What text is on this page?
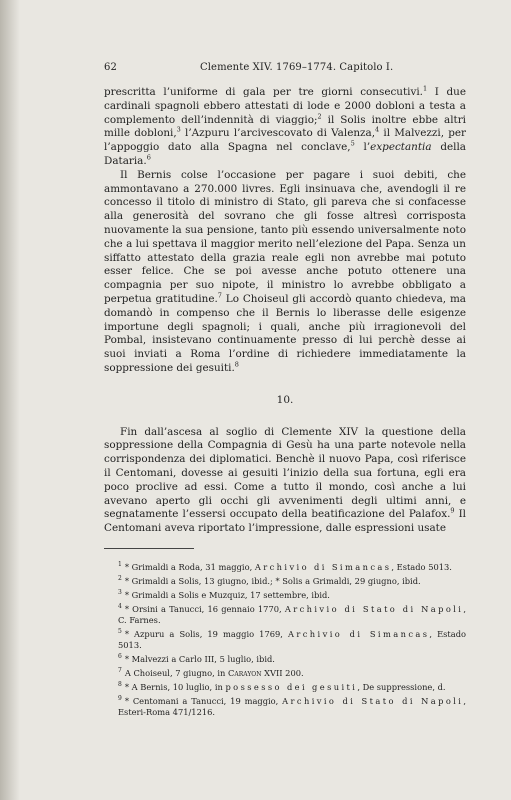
62	Clemente XIV. 1769–1774. Capitolo I.

prescritta l’uniforme di gala per tre giorni consecutivi.$^1$ I due cardinali spagnoli ebbero attestati di lode e 2000 dobloni a testa a complemento dell’indennità di viaggio;$^2$ il Solis inoltre ebbe altri mille dobloni,$^3$ l’Azpuru l’arcivescovato di Valenza,$^4$ il Malvezzi, per l’appoggio dato alla Spagna nel conclave,$^5$ l’expectantia della Dataria.$^6$

Il Bernis colse l’occasione per pagare i suoi debiti, che ammontavano a 270.000 livres. Egli insinuava che, avendogli il re concesso il titolo di ministro di Stato, gli pareva che si confacesse alla generosità del sovrano che gli fosse altresì corrisposta nuovamente la sua pensione, tanto più essendo universalmente noto che a lui spettava il maggior merito nell’elezione del Papa. Senza un siffatto attestato della grazia reale egli non avrebbe mai potuto esser felice. Che se poi avesse anche potuto ottenere una compagnia per suo nipote, il ministro lo avrebbe obbligato a perpetua gratitudine.$^7$ Lo Choiseul gli accordò quanto chiedeva, ma domandò in compenso che il Bernis lo liberasse delle esigenze importune degli spagnoli; i quali, anche più irragionevoli del Pombal, insistevano continuamente presso di lui perchè desse ai suoi inviati a Roma l’ordine di richiedere immediatamente la soppressione dei gesuiti.$^8$

10.

Fin dall’ascesa al soglio di Clemente XIV la questione della soppressione della Compagnia di Gesù ha una parte notevole nella corrispondenza dei diplomatici. Benchè il nuovo Papa, così riferisce il Centomani, dovesse ai gesuiti l’inizio della sua fortuna, egli era poco proclive ad essi. Come a tutto il mondo, così anche a lui avevano aperto gli occhi gli avvenimenti degli ultimi anni, e segnatamente l’essersi occupato della beatificazione del Palafox.$^9$ Il Centomani aveva riportato l’impressione, dalle espressioni usate

$^1$ * Grimaldi a Roda, 31 maggio, Archivio di Simancas, Estado 5013.
$^2$ * Grimaldi a Solis, 13 giugno, ibid.; * Solis a Grimaldi, 29 giugno, ibid.
$^3$ * Grimaldi a Solis e Muzquiz, 17 settembre, ibid.
$^4$ * Orsini a Tanucci, 16 gennaio 1770, Archivio di Stato di Napoli, C. Farnes.
$^5$ * Azpuru a Solis, 19 maggio 1769, Archivio di Simancas, Estado 5013.
$^6$ * Malvezzi a Carlo III, 5 luglio, ibid.
$^7$ A Choiseul, 7 giugno, in Carayon XVII 200.
$^8$ * A Bernis, 10 luglio, in possesso dei gesuiti, De suppressione, d.
$^9$ * Centomani a Tanucci, 19 maggio, Archivio di Stato di Napoli, Esteri-Roma 471/1216.
